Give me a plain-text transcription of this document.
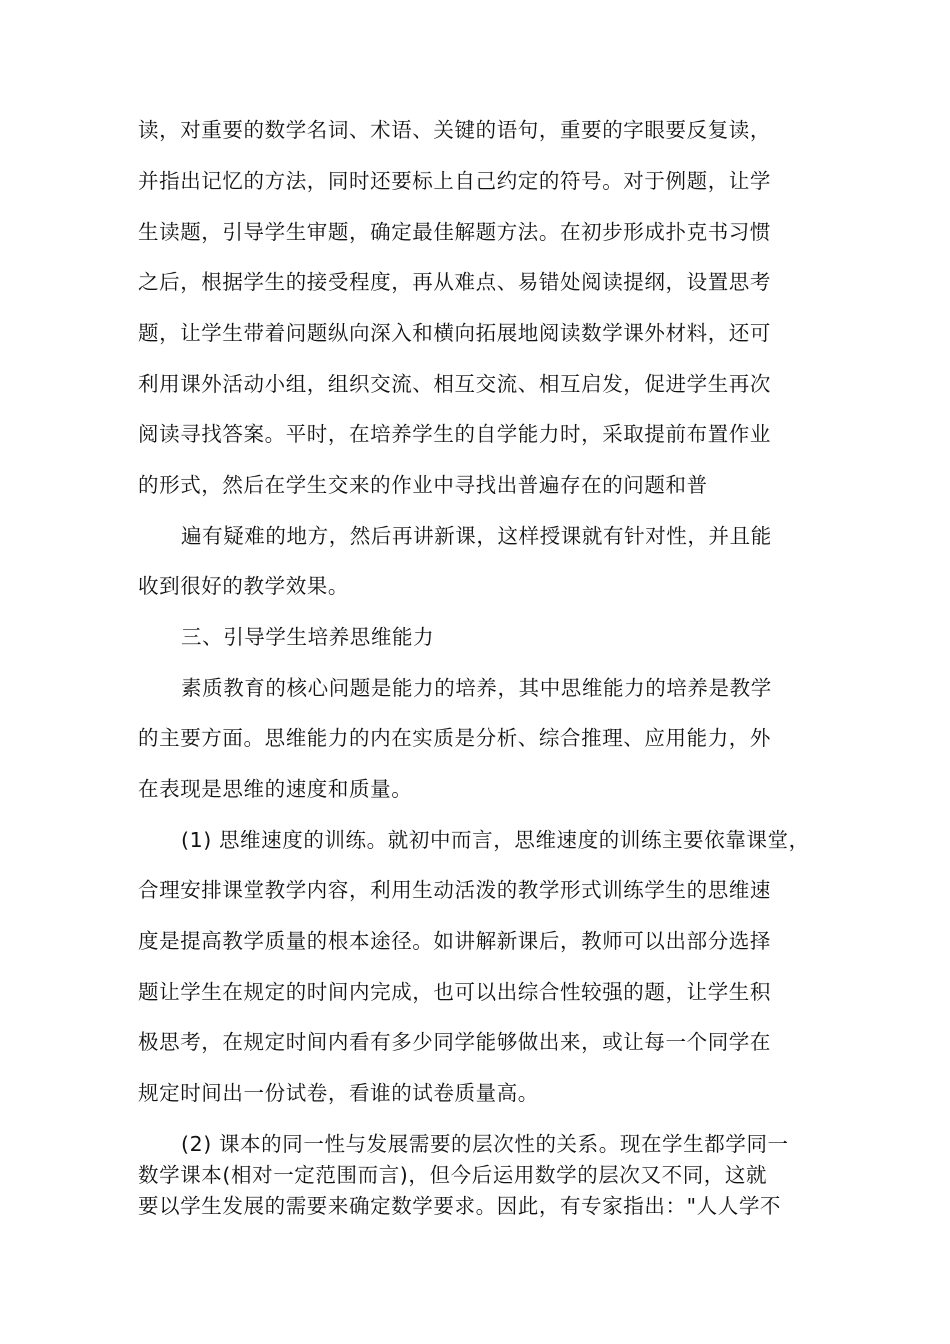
读，对重要的数学名词、术语、关键的语句，重要的字眼要反复读，
并指出记忆的方法，同时还要标上自己约定的符号。对于例题，让学
生读题，引导学生审题，确定最佳解题方法。在初步形成扑克书习惯
之后，根据学生的接受程度，再从难点、易错处阅读提纲，设置思考
题，让学生带着问题纵向深入和横向拓展地阅读数学课外材料，还可
利用课外活动小组，组织交流、相互交流、相互启发，促进学生再次
阅读寻找答案。平时，在培养学生的自学能力时，采取提前布置作业
的形式，然后在学生交来的作业中寻找出普遍存在的问题和普
遍有疑难的地方，然后再讲新课，这样授课就有针对性，并且能
收到很好的教学效果。
三、引导学生培养思维能力
素质教育的核心问题是能力的培养，其中思维能力的培养是教学
的主要方面。思维能力的内在实质是分析、综合推理、应用能力，外
在表现是思维的速度和质量。
(1) 思维速度的训练。就初中而言，思维速度的训练主要依靠课堂，
合理安排课堂教学内容，利用生动活泼的教学形式训练学生的思维速
度是提高教学质量的根本途径。如讲解新课后，教师可以出部分选择
题让学生在规定的时间内完成，也可以出综合性较强的题，让学生积
极思考，在规定时间内看有多少同学能够做出来，或让每一个同学在
规定时间出一份试卷，看谁的试卷质量高。
(2) 课本的同一性与发展需要的层次性的关系。现在学生都学同一
数学课本(相对一定范围而言)，但今后运用数学的层次又不同，这就
要以学生发展的需要来确定数学要求。因此，有专家指出："人人学不
